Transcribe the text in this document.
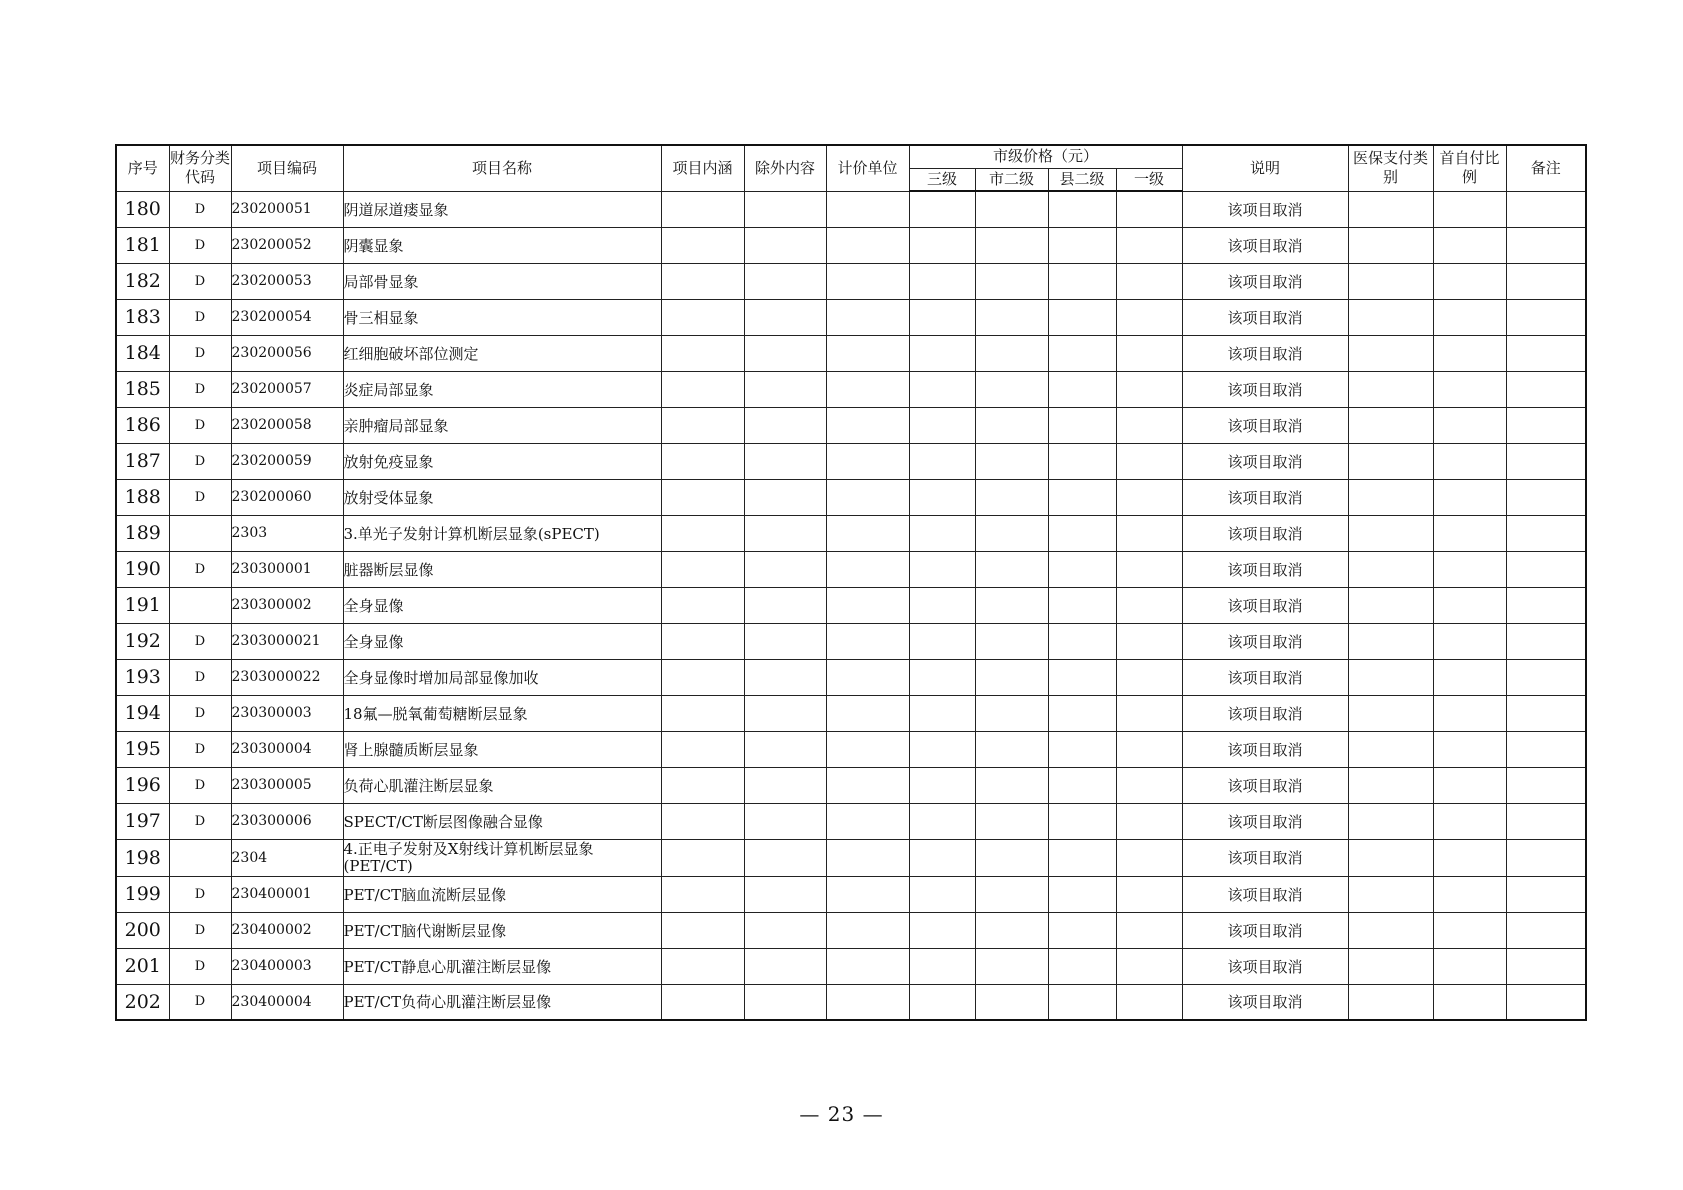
序号	财务分类代码	项目编码	项目名称	项目内涵	除外内容	计价单位	市级价格（元）				说明	医保支付类别	首自付比例	备注
							三级	市二级	县二级	一级				
180	D	230200051	阴道尿道瘘显象								该项目取消			
181	D	230200052	阴囊显象								该项目取消			
182	D	230200053	局部骨显象								该项目取消			
183	D	230200054	骨三相显象								该项目取消			
184	D	230200056	红细胞破坏部位测定								该项目取消			
185	D	230200057	炎症局部显象								该项目取消			
186	D	230200058	亲肿瘤局部显象								该项目取消			
187	D	230200059	放射免疫显象								该项目取消			
188	D	230200060	放射受体显象								该项目取消			
189		2303	3.单光子发射计算机断层显象(sPECT)								该项目取消			
190	D	230300001	脏器断层显像								该项目取消			
191		230300002	全身显像								该项目取消			
192	D	2303000021	全身显像								该项目取消			
193	D	2303000022	全身显像时增加局部显像加收								该项目取消			
194	D	230300003	18氟—脱氧葡萄糖断层显象								该项目取消			
195	D	230300004	肾上腺髓质断层显象								该项目取消			
196	D	230300005	负荷心肌灌注断层显象								该项目取消			
197	D	230300006	SPECT/CT断层图像融合显像								该项目取消			
198		2304	4.正电子发射及X射线计算机断层显象(PET/CT)								该项目取消			
199	D	230400001	PET/CT脑血流断层显像								该项目取消			
200	D	230400002	PET/CT脑代谢断层显像								该项目取消			
201	D	230400003	PET/CT静息心肌灌注断层显像								该项目取消			
202	D	230400004	PET/CT负荷心肌灌注断层显像								该项目取消			
— 23 —
